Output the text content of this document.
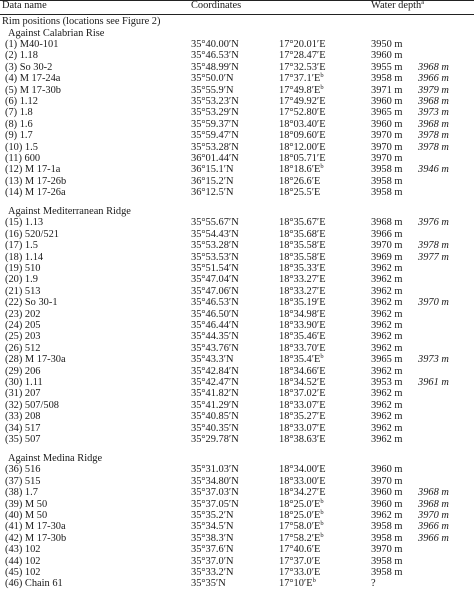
Data name	Coordinates	Water depth$^a$
Rim positions (locations see Figure 2)
Against Calabrian Rise
(1) M40-101	35°40.00′N	17°20.01′E	3950 m
(2) 1.18	35°46.53′N	17°28.47′E	3960 m
(3) So 30-2	35°48.99′N	17°32.53′E	3955 m 3968 m
(4) M 17-24a	35°50.0′N	$17^\circ 37.1'E^b$	3958 m 3966 m
(5) M 17-30b	35°55.9′N	$17^\circ 49.8'E^b$	3971 m 3979 m
(6) 1.12	35°53.23′N	17°49.92′E	3960 m 3968 m
(7) 1.8	35°53.29′N	17°52.80′E	3965 m 3973 m
(8) 1.6	35°59.37′N	18°03.40′E	3960 m 3968 m
(9) 1.7	35°59.47′N	18°09.60′E	3970 m 3978 m
(10) 1.5	35°53.28′N	18°12.00′E	3970 m 3978 m
(11) 600	36°01.44′N	18°05.71′E	3970 m
(12) M 17-1a	36°15.1′N	$18^\circ 18.6'E^b$	3958 m 3946 m
(13) M 17-26b	36°15.2′N	18°26.6′E	3958 m
(14) M 17-26a	36°12.5′N	18°25.5′E	3958 m
Against Mediterranean Ridge
(15) 1.13	35°55.67′N	18°35.67′E	3968 m 3976 m
(16) 520/521	35°54.43′N	18°35.68′E	3966 m
(17) 1.5	35°53.28′N	18°35.58′E	3970 m 3978 m
(18) 1.14	35°53.53′N	18°35.58′E	3969 m 3977 m
(19) 510	35°51.54′N	18°35.33′E	3962 m
(20) 1.9	35°47.04′N	18°33.27′E	3962 m
(21) 513	35°47.06′N	18°33.27′E	3962 m
(22) So 30-1	35°46.53′N	18°35.19′E	3962 m 3970 m
(23) 202	35°46.50′N	18°34.98′E	3962 m
(24) 205	35°46.44′N	18°33.90′E	3962 m
(25) 203	35°44.35′N	18°35.46′E	3962 m
(26) 512	35°43.76′N	18°33.70′E	3962 m
(28) M 17-30a	35°43.3′N	$18^\circ 35.4'E^b$	3965 m 3973 m
(29) 206	35°42.84′N	18°34.66′E	3962 m
(30) 1.11	35°42.47′N	18°34.52′E	3953 m 3961 m
(31) 207	35°41.82′N	18°37.02′E	3962 m
(32) 507/508	35°41.29′N	18°33.07′E	3962 m
(33) 208	35°40.85′N	18°35.27′E	3962 m
(34) 517	35°40.35′N	18°33.07′E	3962 m
(35) 507	35°29.78′N	18°38.63′E	3962 m
Against Medina Ridge
(36) 516	35°31.03′N	18°34.00′E	3960 m
(37) 515	35°34.80′N	18°33.00′E	3970 m
(38) 1.7	35°37.03′N	18°34.27′E	3960 m 3968 m
(39) M 50	35°37.05′N	$18^\circ 25.0'E^b$	3960 m 3968 m
(40) M 50	35°35.2′N	$18^\circ 25.0'E^b$	3962 m 3970 m
(41) M 17-30a	35°34.5′N	$17^\circ 58.0'E^b$	3958 m 3966 m
(42) M 17-30b	35°38.3′N	$17^\circ 58.2'E^b$	3958 m 3966 m
(43) 102	35°37.6′N	17°40.6′E	3970 m
(44) 102	35°37.0′N	17°37.0′E	3958 m
(45) 102	35°33.2′N	17°33.0′E	3958 m
(46) Chain 61	35°35′N	$17^\circ 10'E^b$	?
